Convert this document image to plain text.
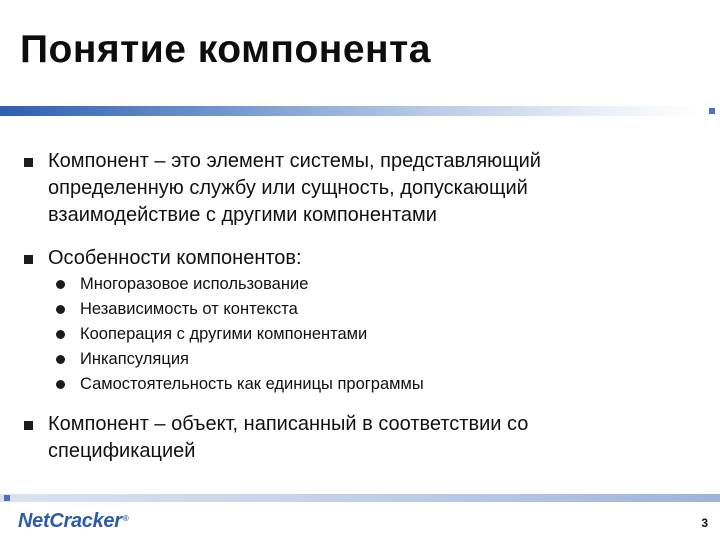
Понятие компонента
Компонент – это элемент системы, представляющий
определенную службу или сущность, допускающий
взаимодействие с другими компонентами
Особенности компонентов:
Многоразовое использование
Независимость от контекста
Кооперация с другими компонентами
Инкапсуляция
Самостоятельность как единицы программы
Компонент – объект, написанный в соответствии со
спецификацией
NetCracker®	3
